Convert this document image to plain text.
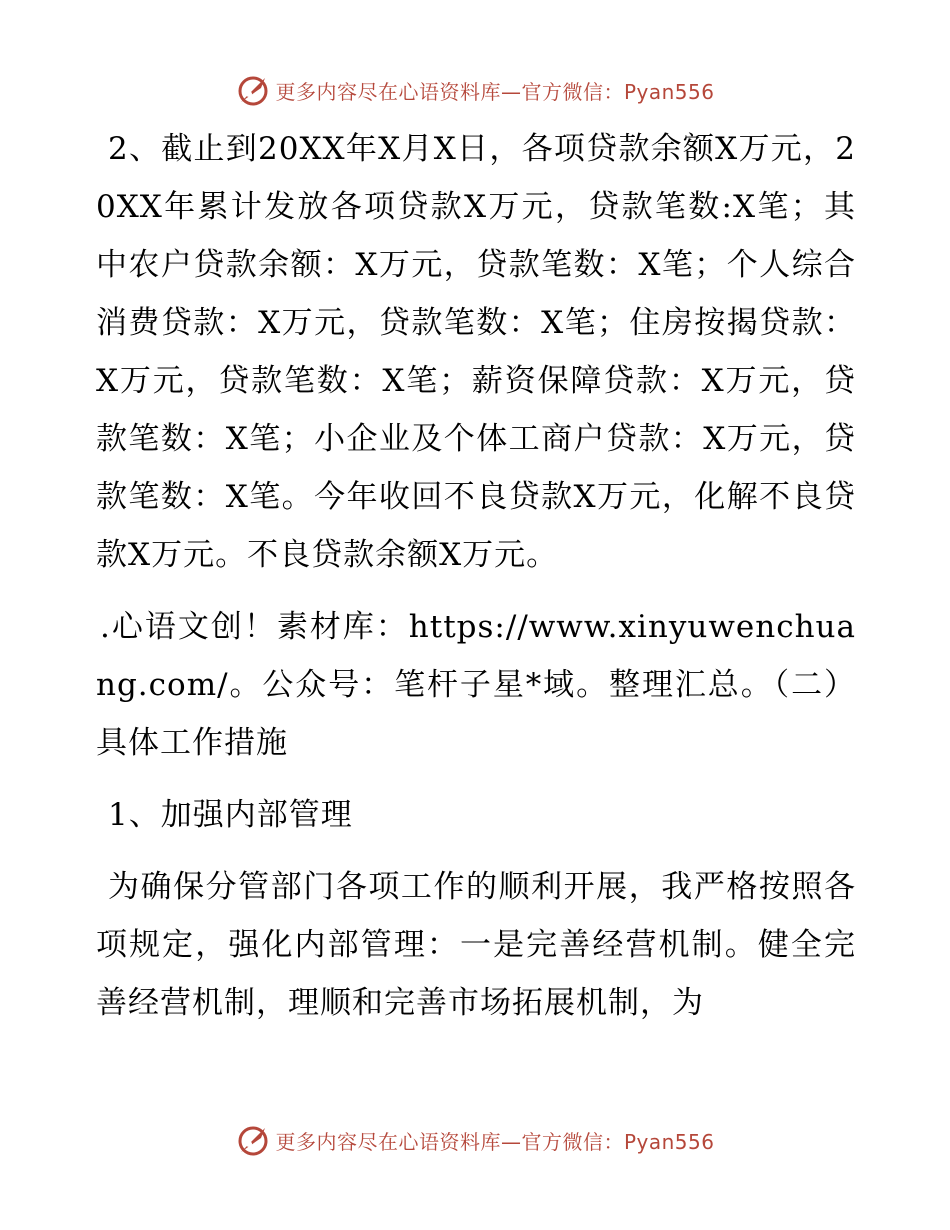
更多内容尽在心语资料库—官方微信：Pyan556

2、截止到20XX年X月X日，各项贷款余额X万元，20XX年累计发放各项贷款X万元，贷款笔数:X笔；其中农户贷款余额：X万元，贷款笔数：X笔；个人综合消费贷款：X万元，贷款笔数：X笔；住房按揭贷款：X万元，贷款笔数：X笔；薪资保障贷款：X万元，贷款笔数：X笔；小企业及个体工商户贷款：X万元，贷款笔数：X笔。今年收回不良贷款X万元，化解不良贷款X万元。不良贷款余额X万元。

.心语文创！素材库：https://www.xinyuwenchuang.com/。公众号：笔杆子星*域。整理汇总。（二）具体工作措施

1、加强内部管理

为确保分管部门各项工作的顺利开展，我严格按照各项规定，强化内部管理：一是完善经营机制。健全完善经营机制，理顺和完善市场拓展机制，为

更多内容尽在心语资料库—官方微信：Pyan556
